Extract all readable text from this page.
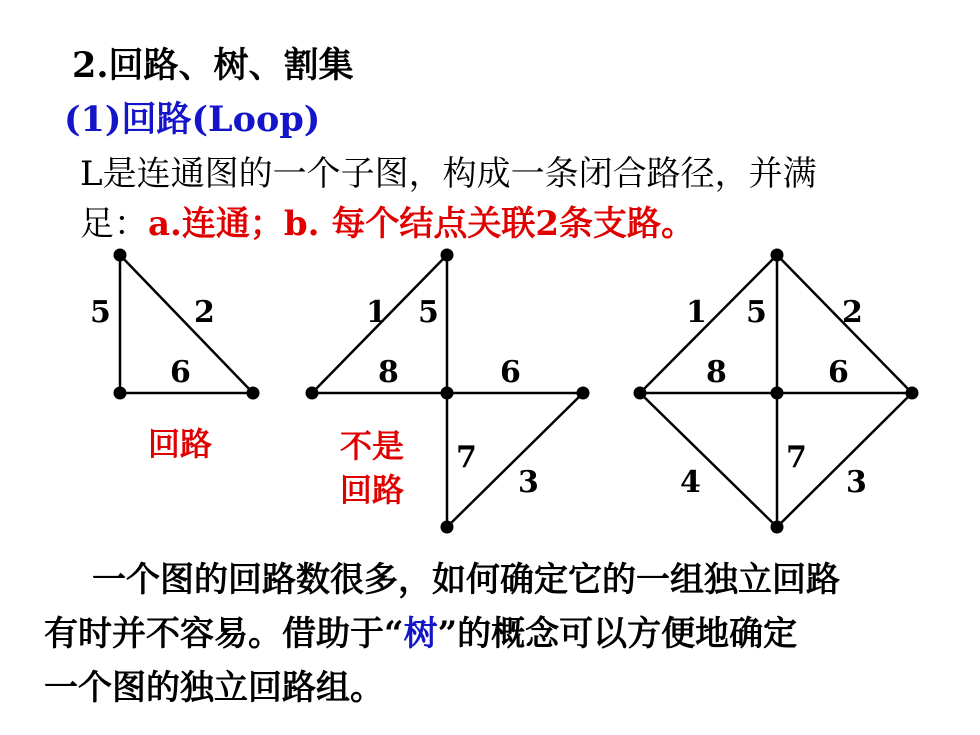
2.回路、树、割集
(1)回路(Loop)
L是连通图的一个子图，构成一条闭合路径，并满
足：a.连通；b. 每个结点关联2条支路。
5	2
6
回路
1 5
8	6
7
3
不是
回路
1 5	2
8	6
4
7
3
一个图的回路数很多，如何确定它的一组独立回路
有时并不容易。借助于“树”的概念可以方便地确定
一个图的独立回路组。
